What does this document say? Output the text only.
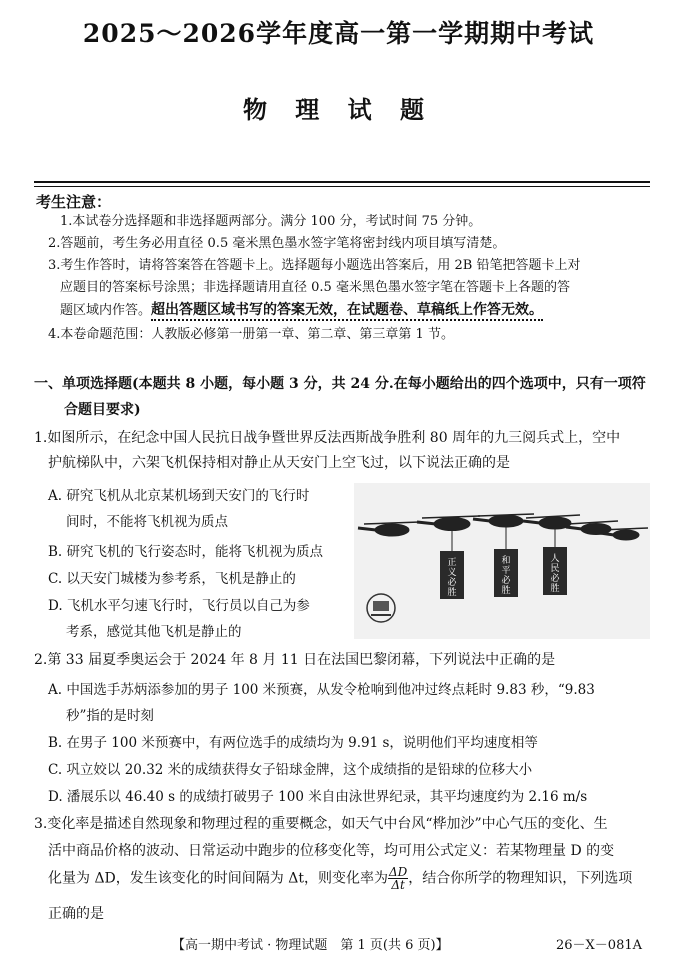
2025～2026学年度高一第一学期期中考试
物 理 试 题
考生注意：
1.本试卷分选择题和非选择题两部分。满分 100 分，考试时间 75 分钟。
2.答题前，考生务必用直径 0.5 毫米黑色墨水签字笔将密封线内项目填写清楚。
3.考生作答时，请将答案答在答题卡上。选择题每小题选出答案后，用 2B 铅笔把答题卡上对
应题目的答案标号涂黑；非选择题请用直径 0.5 毫米黑色墨水签字笔在答题卡上各题的答
题区域内作答。超出答题区域书写的答案无效，在试题卷、草稿纸上作答无效。
4.本卷命题范围：人教版必修第一册第一章、第二章、第三章第 1 节。
一、单项选择题(本题共 8 小题，每小题 3 分，共 24 分.在每小题给出的四个选项中，只有一项符
合题目要求)
1.如图所示，在纪念中国人民抗日战争暨世界反法西斯战争胜利 80 周年的九三阅兵式上，空中
护航梯队中，六架飞机保持相对静止从天安门上空飞过，以下说法正确的是
A. 研究飞机从北京某机场到天安门的飞行时
间时，不能将飞机视为质点
B. 研究飞机的飞行姿态时，能将飞机视为质点
C. 以天安门城楼为参考系，飞机是静止的
D. 飞机水平匀速飞行时，飞行员以自己为参
考系，感觉其他飞机是静止的
正义必胜
和平必胜
人民必胜
2.第 33 届夏季奥运会于 2024 年 8 月 11 日在法国巴黎闭幕，下列说法中正确的是
A. 中国选手苏炳添参加的男子 100 米预赛，从发令枪响到他冲过终点耗时 9.83 秒，“9.83
秒”指的是时刻
B. 在男子 100 米预赛中，有两位选手的成绩均为 9.91 s，说明他们平均速度相等
C. 巩立姣以 20.32 米的成绩获得女子铅球金牌，这个成绩指的是铅球的位移大小
D. 潘展乐以 46.40 s 的成绩打破男子 100 米自由泳世界纪录，其平均速度约为 2.16 m/s
3.变化率是描述自然现象和物理过程的重要概念，如天气中台风“桦加沙”中心气压的变化、生
活中商品价格的波动、日常运动中跑步的位移变化等，均可用公式定义：若某物理量 D 的变
化量为 ΔD，发生该变化的时间间隔为 Δt，则变化率为 $\frac{\Delta D}{\Delta t}$ ，结合你所学的物理知识，下列选项
正确的是
【高一期中考试 · 物理试题　第 1 页(共 6 页)】	26－X－081A
